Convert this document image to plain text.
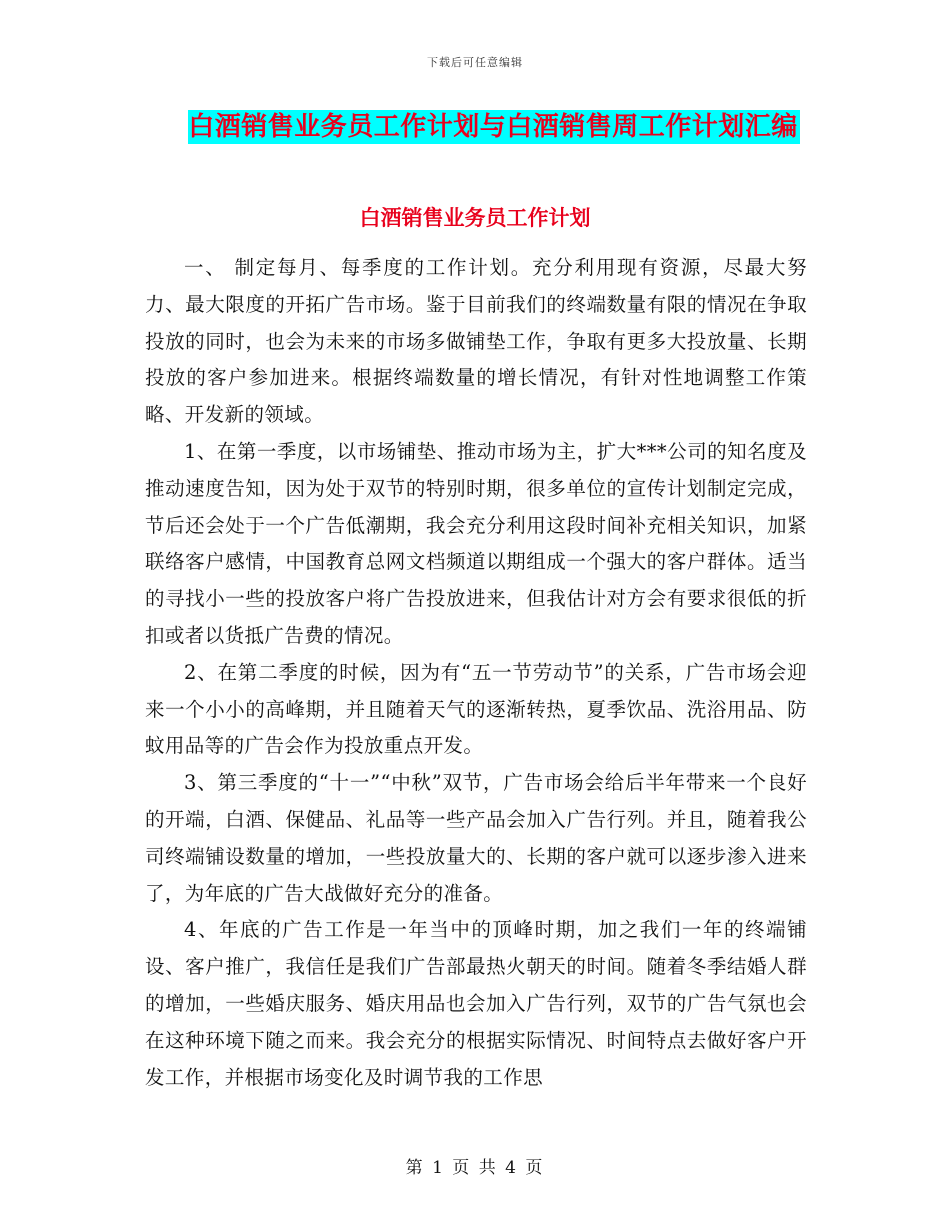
下载后可任意编辑
白酒销售业务员工作计划与白酒销售周工作计划汇编
白酒销售业务员工作计划

一、 制定每月、每季度的工作计划。充分利用现有资源，尽最大努力、最大限度的开拓广告市场。鉴于目前我们的终端数量有限的情况在争取投放的同时，也会为未来的市场多做铺垫工作，争取有更多大投放量、长期投放的客户参加进来。根据终端数量的增长情况，有针对性地调整工作策略、开发新的领域。

1、在第一季度，以市场铺垫、推动市场为主，扩大***公司的知名度及推动速度告知，因为处于双节的特别时期，很多单位的宣传计划制定完成，节后还会处于一个广告低潮期，我会充分利用这段时间补充相关知识，加紧联络客户感情，中国教育总网文档频道以期组成一个强大的客户群体。适当的寻找小一些的投放客户将广告投放进来，但我估计对方会有要求很低的折扣或者以货抵广告费的情况。

2、在第二季度的时候，因为有“五一节劳动节”的关系，广告市场会迎来一个小小的高峰期，并且随着天气的逐渐转热，夏季饮品、洗浴用品、防蚊用品等的广告会作为投放重点开发。

3、第三季度的“十一”“中秋”双节，广告市场会给后半年带来一个良好的开端，白酒、保健品、礼品等一些产品会加入广告行列。并且，随着我公司终端铺设数量的增加，一些投放量大的、长期的客户就可以逐步渗入进来了，为年底的广告大战做好充分的准备。

4、年底的广告工作是一年当中的顶峰时期，加之我们一年的终端铺设、客户推广，我信任是我们广告部最热火朝天的时间。随着冬季结婚人群的增加，一些婚庆服务、婚庆用品也会加入广告行列，双节的广告气氛也会在这种环境下随之而来。我会充分的根据实际情况、时间特点去做好客户开发工作，并根据市场变化及时调节我的工作思

第 1 页 共 4 页
